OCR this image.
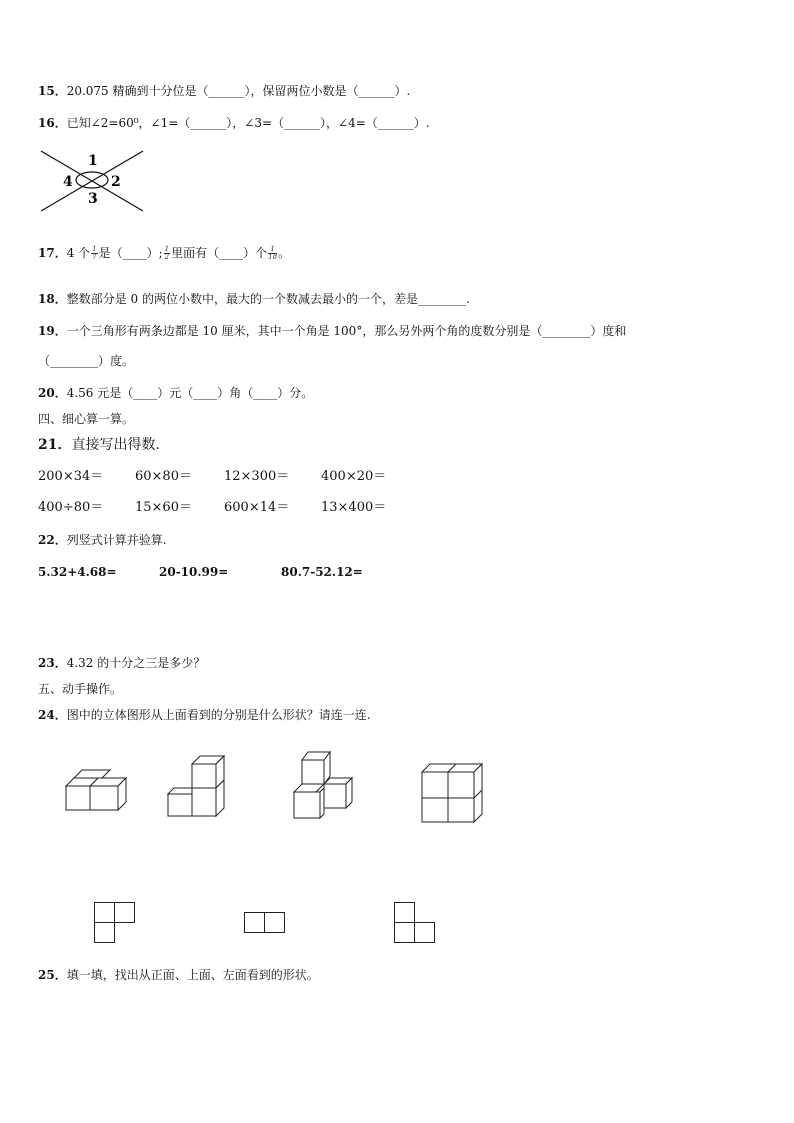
15．20.075 精确到十分位是（______），保留两位小数是（______）.
16．已知∠2=60⁰，∠1=（______），∠3=（______），∠4=（______）.
1
2
3
4
17．4 个 $\frac{1}{7}$ 是（____）; $\frac{1}{2}$ 里面有（____）个 $\frac{1}{18}$ 。
18．整数部分是 0 的两位小数中，最大的一个数减去最小的一个，差是________.
19．一个三角形有两条边都是 10 厘米，其中一个角是 100°，那么另外两个角的度数分别是（________）度和
（________）度。
20．4.56 元是（____）元（____）角（____）分。
四、细心算一算。
21．直接写出得数.
200×34＝ 60×80＝ 12×300＝ 400×20＝
400÷80＝ 15×60＝ 600×14＝ 13×400＝
22．列竖式计算并验算.
5.32+4.68=	20-10.99=	80.7-52.12=
23．4.32 的十分之三是多少？
五、动手操作。
24．图中的立体图形从上面看到的分别是什么形状？请连一连.
25．填一填，找出从正面、上面、左面看到的形状。
